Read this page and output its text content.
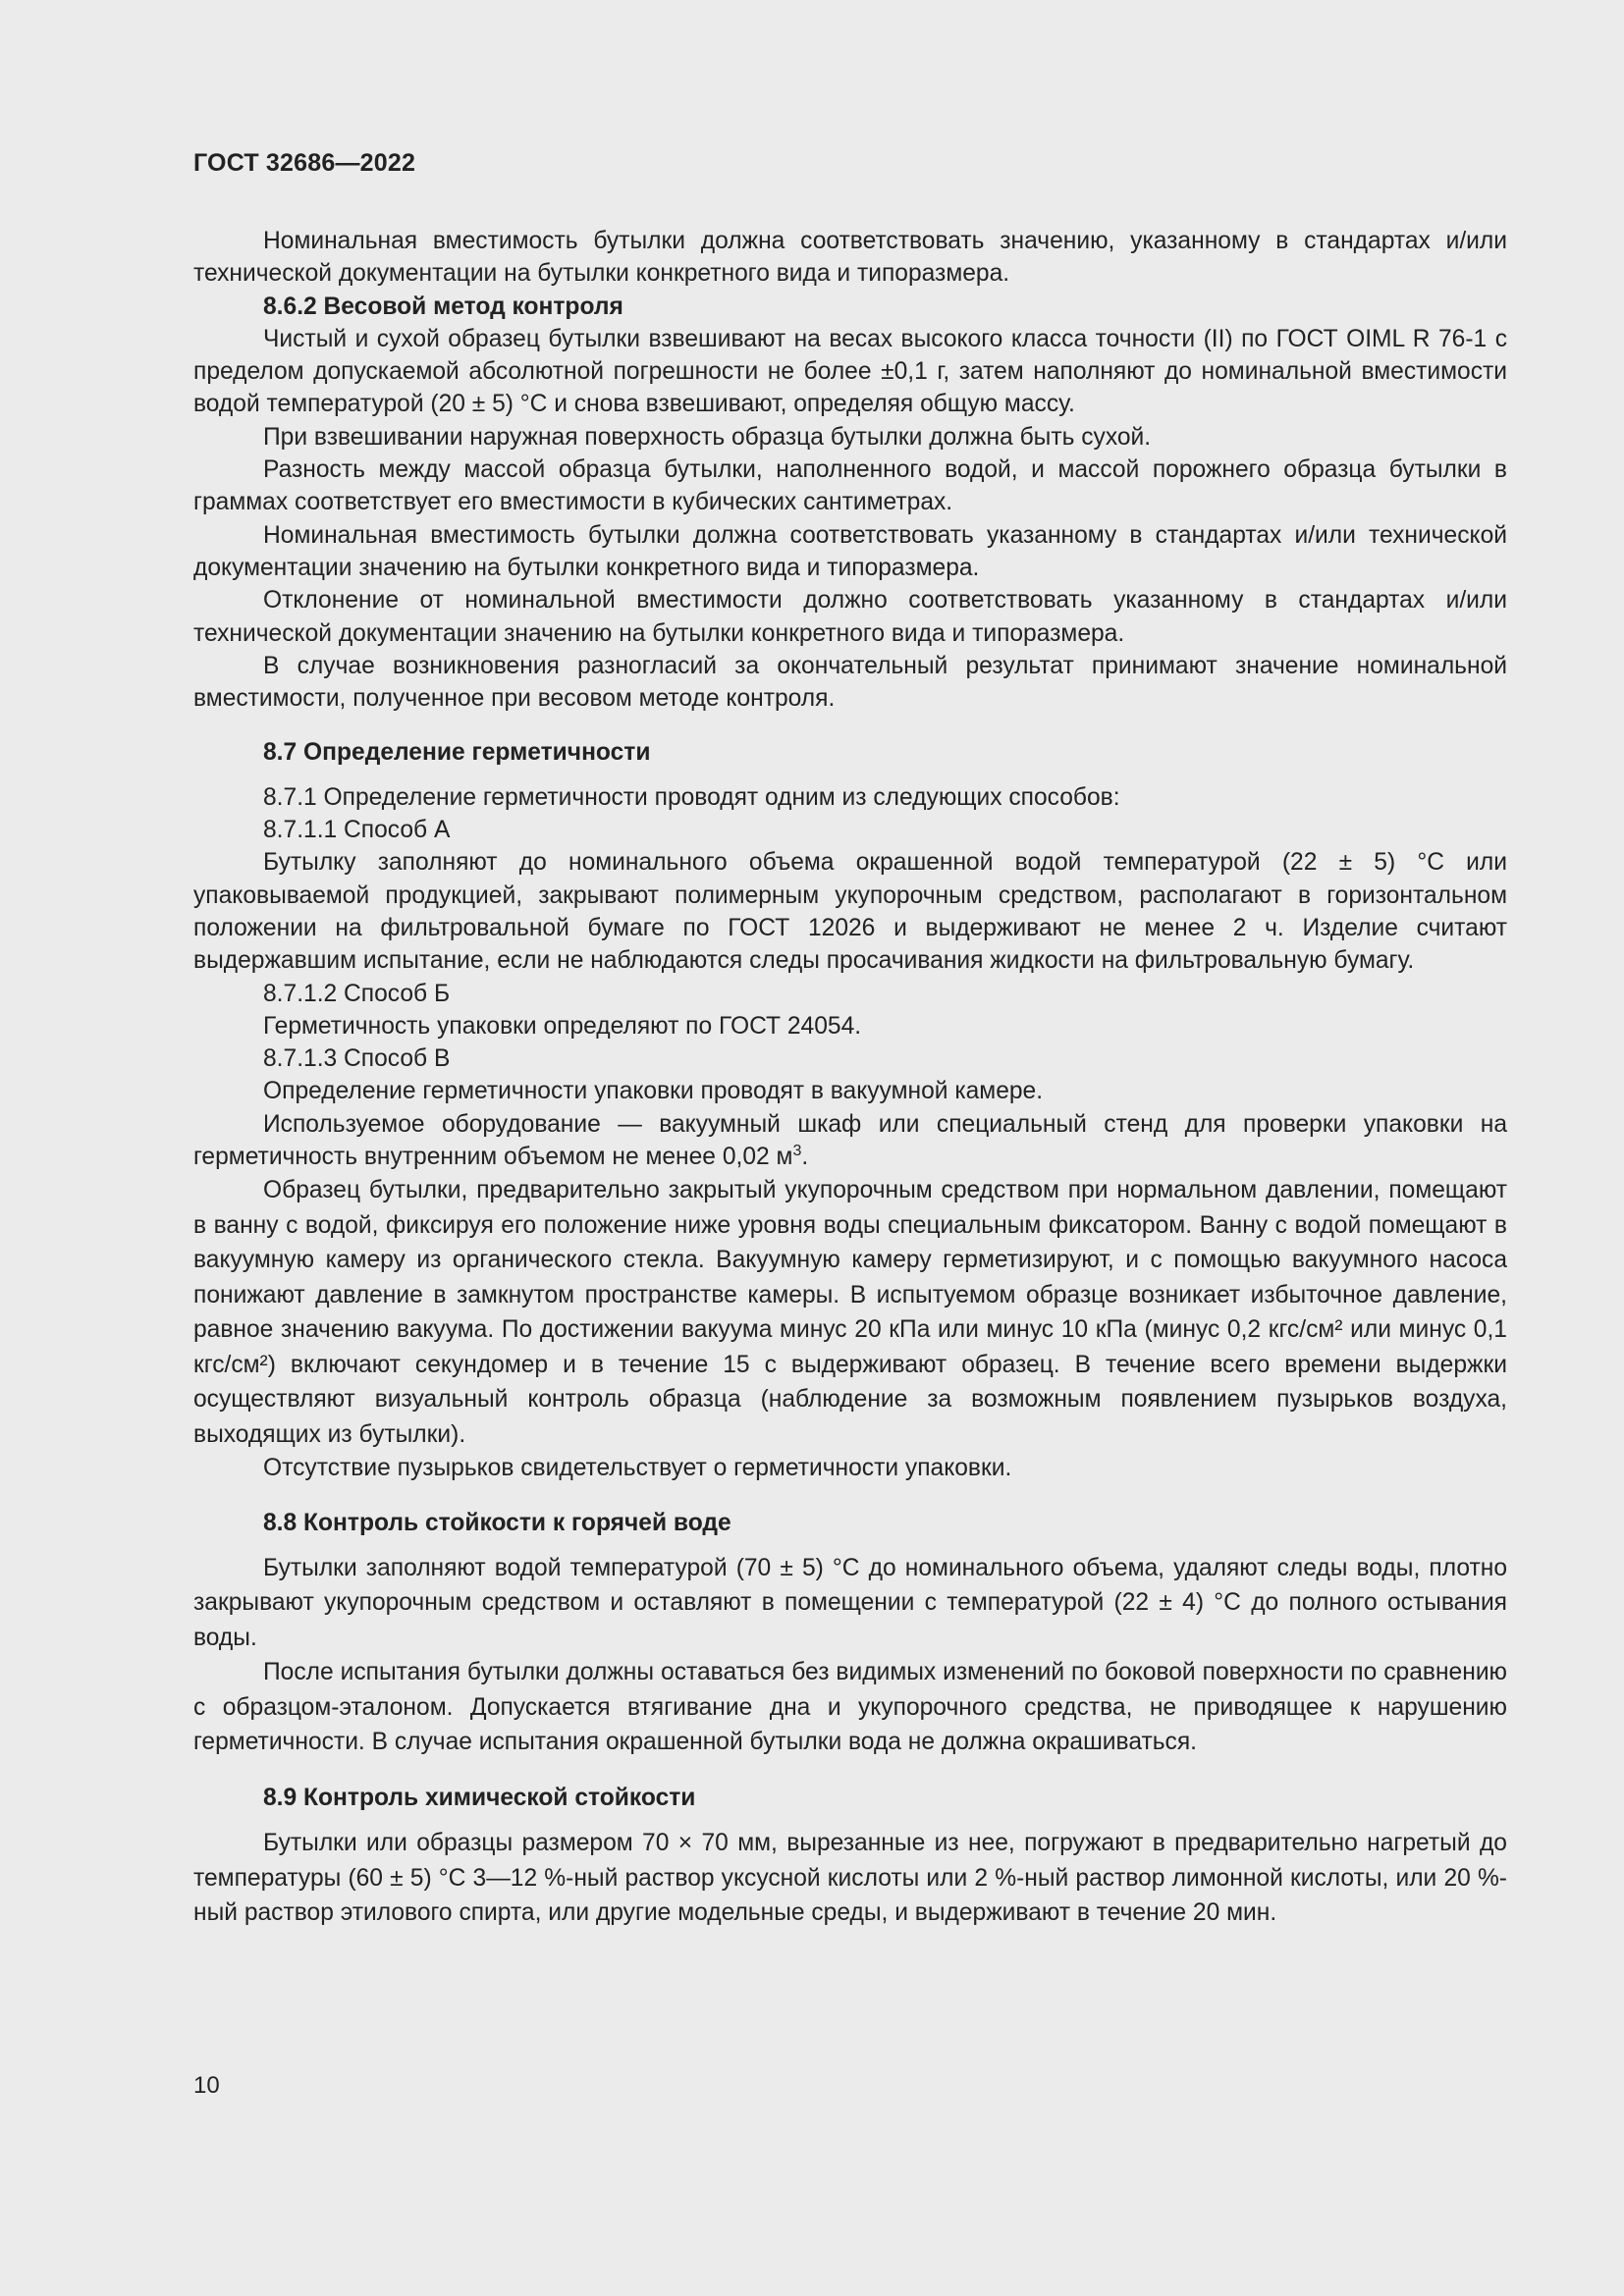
ГОСТ 32686—2022

Номинальная вместимость бутылки должна соответствовать значению, указанному в стандартах и/или технической документации на бутылки конкретного вида и типоразмера.

8.6.2 Весовой метод контроля

Чистый и сухой образец бутылки взвешивают на весах высокого класса точности (II) по ГОСТ OIML R 76-1 с пределом допускаемой абсолютной погрешности не более ±0,1 г, затем наполняют до номинальной вместимости водой температурой (20 ± 5) °С и снова взвешивают, определяя общую массу.

При взвешивании наружная поверхность образца бутылки должна быть сухой.

Разность между массой образца бутылки, наполненного водой, и массой порожнего образца бутылки в граммах соответствует его вместимости в кубических сантиметрах.

Номинальная вместимость бутылки должна соответствовать указанному в стандартах и/или технической документации значению на бутылки конкретного вида и типоразмера.

Отклонение от номинальной вместимости должно соответствовать указанному в стандартах и/или технической документации значению на бутылки конкретного вида и типоразмера.

В случае возникновения разногласий за окончательный результат принимают значение номинальной вместимости, полученное при весовом методе контроля.

8.7 Определение герметичности

8.7.1 Определение герметичности проводят одним из следующих способов:

8.7.1.1 Способ А

Бутылку заполняют до номинального объема окрашенной водой температурой (22 ± 5) °С или упаковываемой продукцией, закрывают полимерным укупорочным средством, располагают в горизонтальном положении на фильтровальной бумаге по ГОСТ 12026 и выдерживают не менее 2 ч. Изделие считают выдержавшим испытание, если не наблюдаются следы просачивания жидкости на фильтровальную бумагу.

8.7.1.2 Способ Б

Герметичность упаковки определяют по ГОСТ 24054.

8.7.1.3 Способ В

Определение герметичности упаковки проводят в вакуумной камере.

Используемое оборудование — вакуумный шкаф или специальный стенд для проверки упаковки на герметичность внутренним объемом не менее 0,02 $м^3$.

Образец бутылки, предварительно закрытый укупорочным средством при нормальном давлении, помещают в ванну с водой, фиксируя его положение ниже уровня воды специальным фиксатором. Ванну с водой помещают в вакуумную камеру из органического стекла. Вакуумную камеру герметизируют, и с помощью вакуумного насоса понижают давление в замкнутом пространстве камеры. В испытуемом образце возникает избыточное давление, равное значению вакуума. По достижении вакуума минус 20 кПа или минус 10 кПа (минус 0,2 кгс/см² или минус 0,1 кгс/см²) включают секундомер и в течение 15 с выдерживают образец. В течение всего времени выдержки осуществляют визуальный контроль образца (наблюдение за возможным появлением пузырьков воздуха, выходящих из бутылки).

Отсутствие пузырьков свидетельствует о герметичности упаковки.

8.8 Контроль стойкости к горячей воде

Бутылки заполняют водой температурой (70 ± 5) °С до номинального объема, удаляют следы воды, плотно закрывают укупорочным средством и оставляют в помещении с температурой (22 ± 4) °С до полного остывания воды.

После испытания бутылки должны оставаться без видимых изменений по боковой поверхности по сравнению с образцом-эталоном. Допускается втягивание дна и укупорочного средства, не приводящее к нарушению герметичности. В случае испытания окрашенной бутылки вода не должна окрашиваться.

8.9 Контроль химической стойкости

Бутылки или образцы размером 70 × 70 мм, вырезанные из нее, погружают в предварительно нагретый до температуры (60 ± 5) °С 3—12 %-ный раствор уксусной кислоты или 2 %-ный раствор лимонной кислоты, или 20 %-ный раствор этилового спирта, или другие модельные среды, и выдерживают в течение 20 мин.

10
